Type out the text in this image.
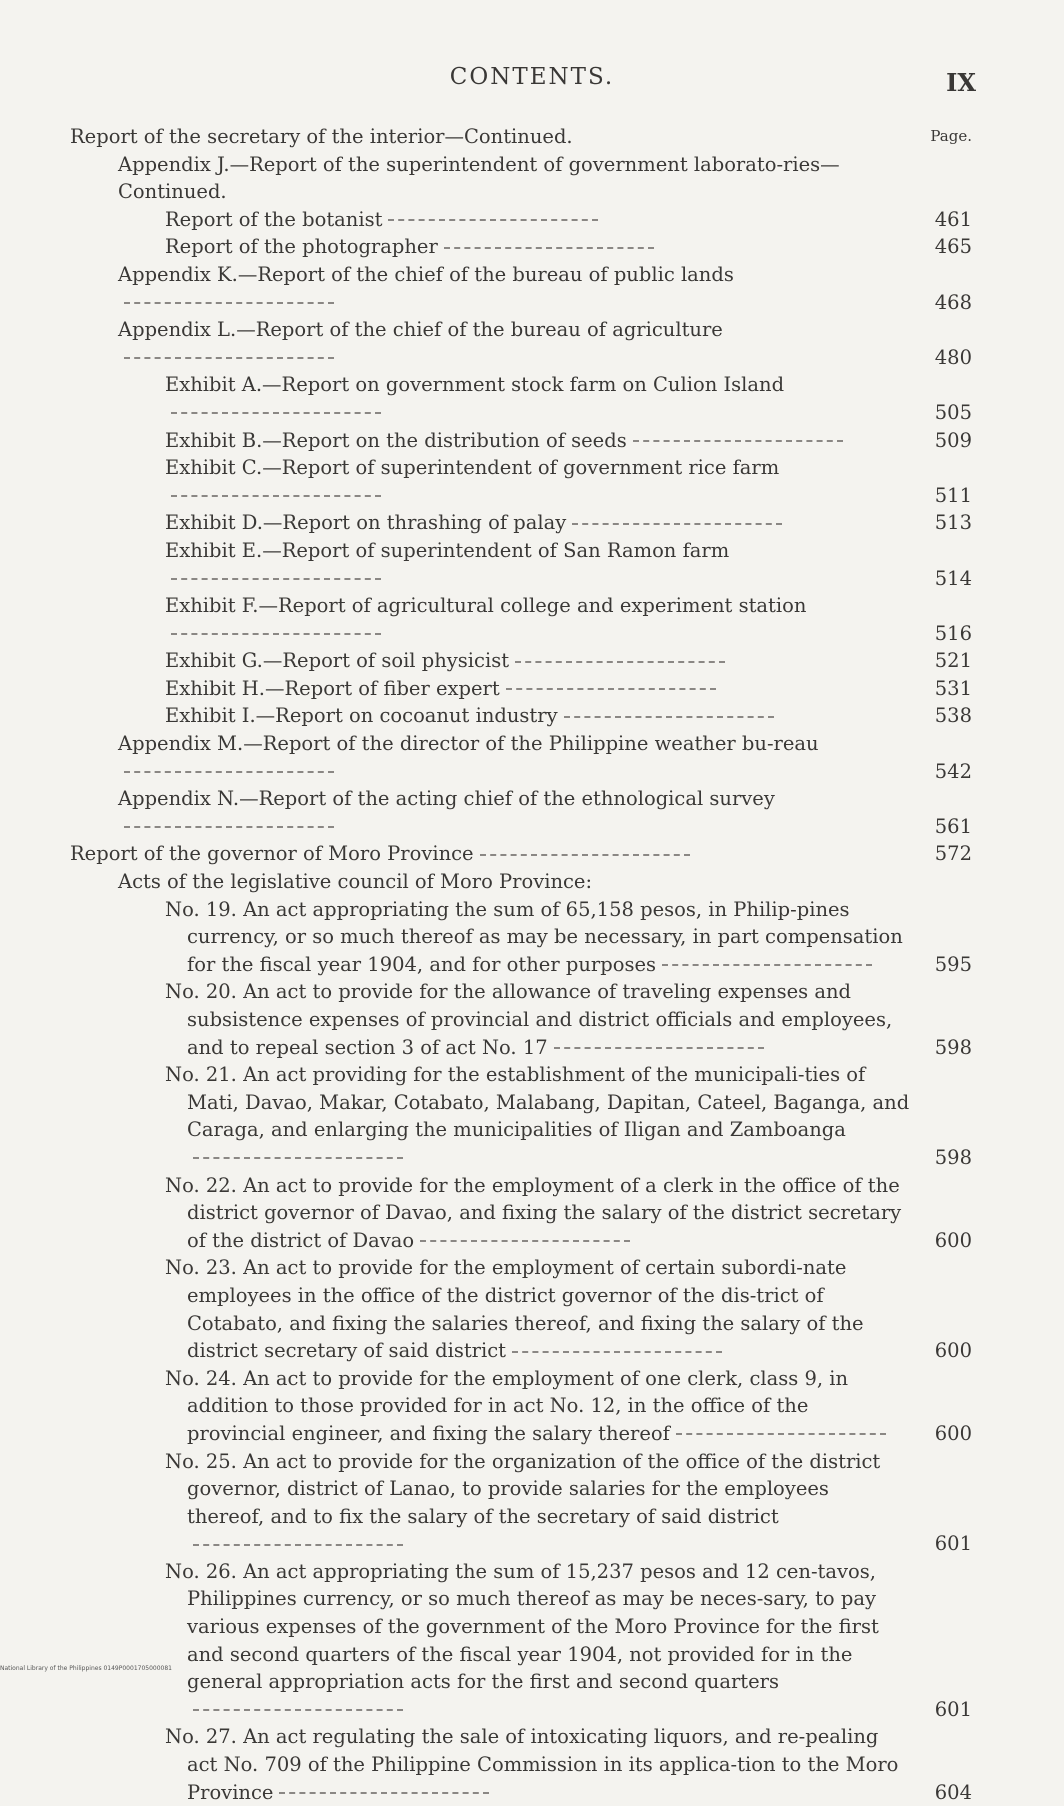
CONTENTS.	IX
Page.
Report of the secretary of the interior—Continued.
Appendix J.—Report of the superintendent of government laborato-ries—Continued.
Report of the botanist	461
Report of the photographer	465
Appendix K.—Report of the chief of the bureau of public lands
468
Appendix L.—Report of the chief of the bureau of agriculture
480
Exhibit A.—Report on government stock farm on Culion Island
505
Exhibit B.—Report on the distribution of seeds	509
Exhibit C.—Report of superintendent of government rice farm
511
Exhibit D.—Report on thrashing of palay	513
Exhibit E.—Report of superintendent of San Ramon farm
514
Exhibit F.—Report of agricultural college and experiment station
516
Exhibit G.—Report of soil physicist	521
Exhibit H.—Report of fiber expert	531
Exhibit I.—Report on cocoanut industry	538
Appendix M.—Report of the director of the Philippine weather bu-reau
542
Appendix N.—Report of the acting chief of the ethnological survey
561
Report of the governor of Moro Province	572
Acts of the legislative council of Moro Province:
No. 19. An act appropriating the sum of 65,158 pesos, in Philip-pines currency, or so much thereof as may be necessary, in part compensation for the fiscal year 1904, and for other purposes	595
No. 20. An act to provide for the allowance of traveling expenses and subsistence expenses of provincial and district officials and employees, and to repeal section 3 of act No. 17	598
No. 21. An act providing for the establishment of the municipali-ties of Mati, Davao, Makar, Cotabato, Malabang, Dapitan, Cateel, Baganga, and Caraga, and enlarging the municipalities of Iligan and Zamboanga
598
No. 22. An act to provide for the employment of a clerk in the office of the district governor of Davao, and fixing the salary of the district secretary of the district of Davao	600
No. 23. An act to provide for the employment of certain subordi-nate employees in the office of the district governor of the dis-trict of Cotabato, and fixing the salaries thereof, and fixing the salary of the district secretary of said district	600
No. 24. An act to provide for the employment of one clerk, class 9, in addition to those provided for in act No. 12, in the office of the provincial engineer, and fixing the salary thereof	600
No. 25. An act to provide for the organization of the office of the district governor, district of Lanao, to provide salaries for the employees thereof, and to fix the salary of the secretary of said district
601
No. 26. An act appropriating the sum of 15,237 pesos and 12 cen-tavos, Philippines currency, or so much thereof as may be neces-sary, to pay various expenses of the government of the Moro Province for the first and second quarters of the fiscal year 1904, not provided for in the general appropriation acts for the first and second quarters
601
No. 27. An act regulating the sale of intoxicating liquors, and re-pealing act No. 709 of the Philippine Commission in its applica-tion to the Moro Province	604
National Library of the Philippines 0149P0001705000081
